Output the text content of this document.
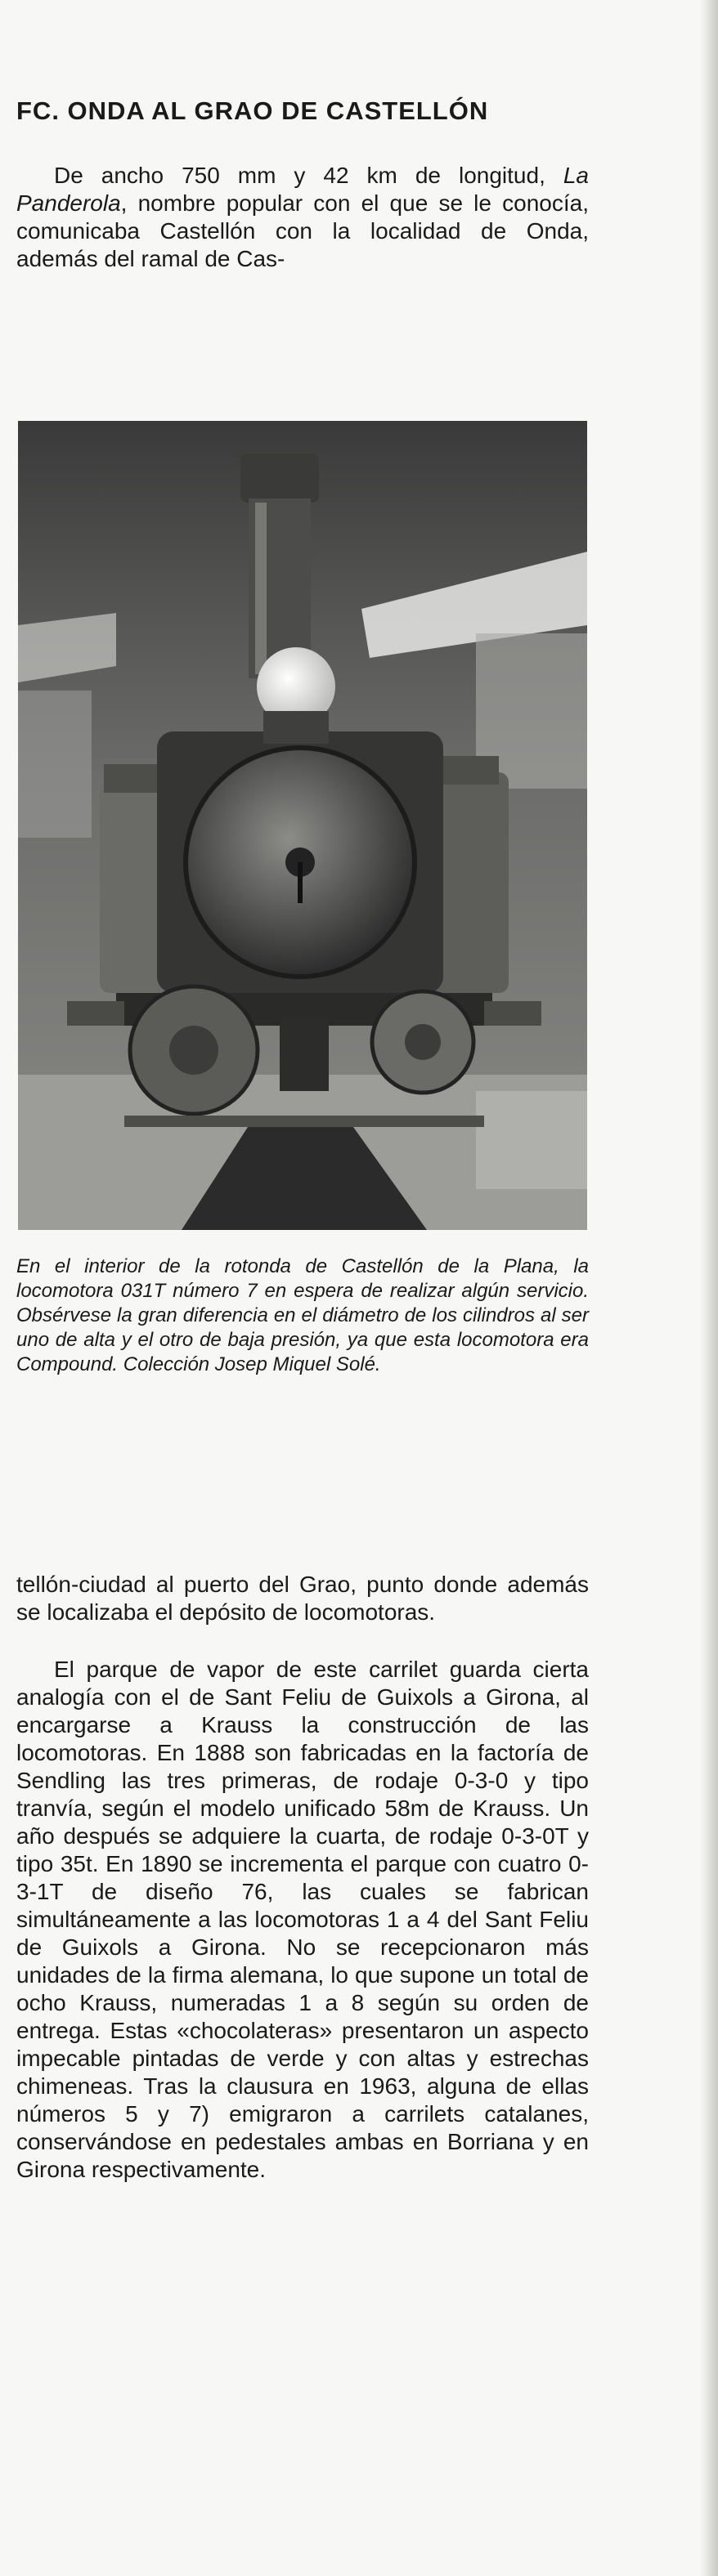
FC. ONDA AL GRAO DE CASTELLÓN

De ancho 750 mm y 42 km de longitud, La Panderola, nombre popular con el que se le conocía, comunicaba Castellón con la localidad de Onda, además del ramal de Cas-

En el interior de la rotonda de Castellón de la Plana, la locomotora 031T número 7 en espera de realizar algún servicio. Obsérvese la gran diferencia en el diámetro de los cilindros al ser uno de alta y el otro de baja presión, ya que esta locomotora era Compound. Colección Josep Miquel Solé.

tellón-ciudad al puerto del Grao, punto donde además se localizaba el depósito de locomotoras.

El parque de vapor de este carrilet guarda cierta analogía con el de Sant Feliu de Guixols a Girona, al encargarse a Krauss la construcción de las locomotoras. En 1888 son fabricadas en la factoría de Sendling las tres primeras, de rodaje 0-3-0 y tipo tranvía, según el modelo unificado 58m de Krauss. Un año después se adquiere la cuarta, de rodaje 0-3-0T y tipo 35t. En 1890 se incrementa el parque con cuatro 0-3-1T de diseño 76, las cuales se fabrican simultáneamente a las locomotoras 1 a 4 del Sant Feliu de Guixols a Girona. No se recepcionaron más unidades de la firma alemana, lo que supone un total de ocho Krauss, numeradas 1 a 8 según su orden de entrega. Estas «chocolateras» presentaron un aspecto impecable pintadas de verde y con altas y estrechas chimeneas. Tras la clausura en 1963, alguna de ellas números 5 y 7) emigraron a carrilets catalanes, conservándose en pedestales ambas en Borriana y en Girona respectivamente.
